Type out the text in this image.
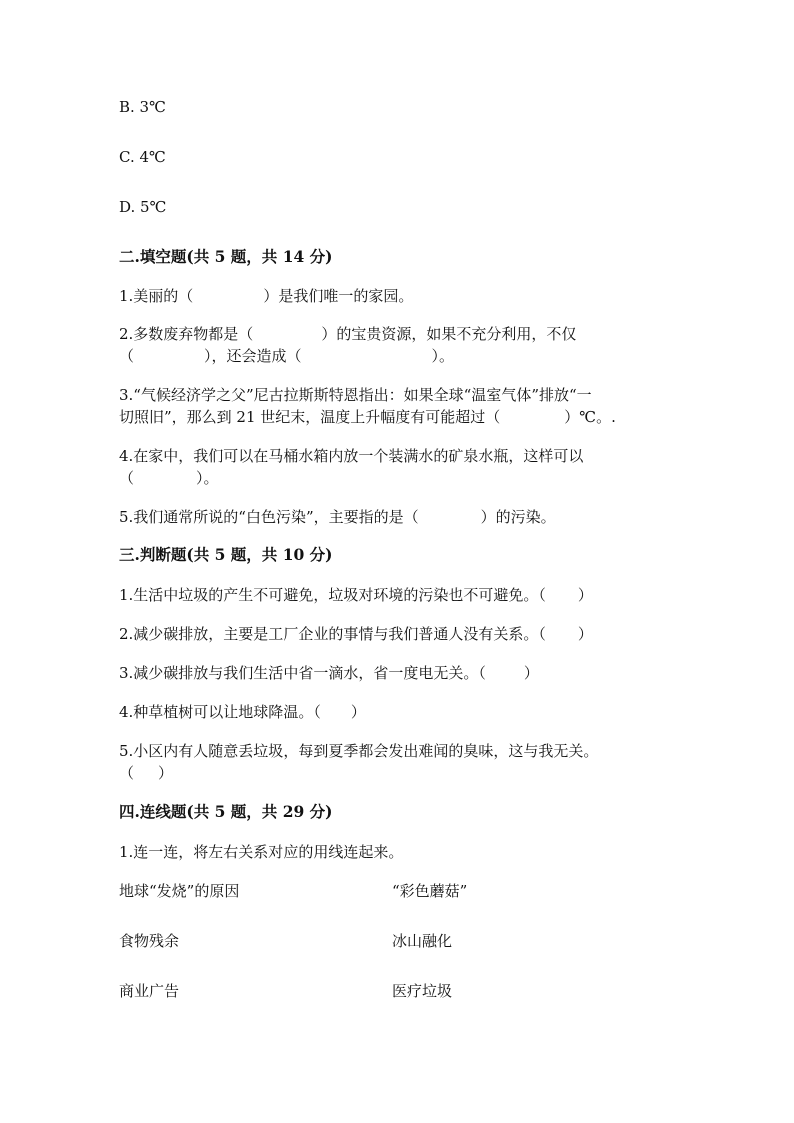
B. 3℃
C. 4℃
D. 5℃
二.填空题(共 5 题，共 14 分)
1.美丽的（	）是我们唯一的家园。
2.多数废弃物都是（	）的宝贵资源，如果不充分利用，不仅
（	），还会造成（	）。
3.“气候经济学之父”尼古拉斯斯特恩指出：如果全球“温室气体”排放“一
切照旧”，那么到 21 世纪末，温度上升幅度有可能超过（	）℃。.
4.在家中，我们可以在马桶水箱内放一个装满水的矿泉水瓶，这样可以
（	）。
5.我们通常所说的“白色污染”，主要指的是（	）的污染。
三.判断题(共 5 题，共 10 分)
1.生活中垃圾的产生不可避免，垃圾对环境的污染也不可避免。（ ）
2.减少碳排放，主要是工厂企业的事情与我们普通人没有关系。（ ）
3.减少碳排放与我们生活中省一滴水，省一度电无关。（	）
4.种草植树可以让地球降温。（ ）
5.小区内有人随意丢垃圾，每到夏季都会发出难闻的臭味，这与我无关。
（ ）
四.连线题(共 5 题，共 29 分)
1.连一连，将左右关系对应的用线连起来。
地球“发烧”的原因	“彩色蘑菇”
食物残余	冰山融化
商业广告	医疗垃圾
